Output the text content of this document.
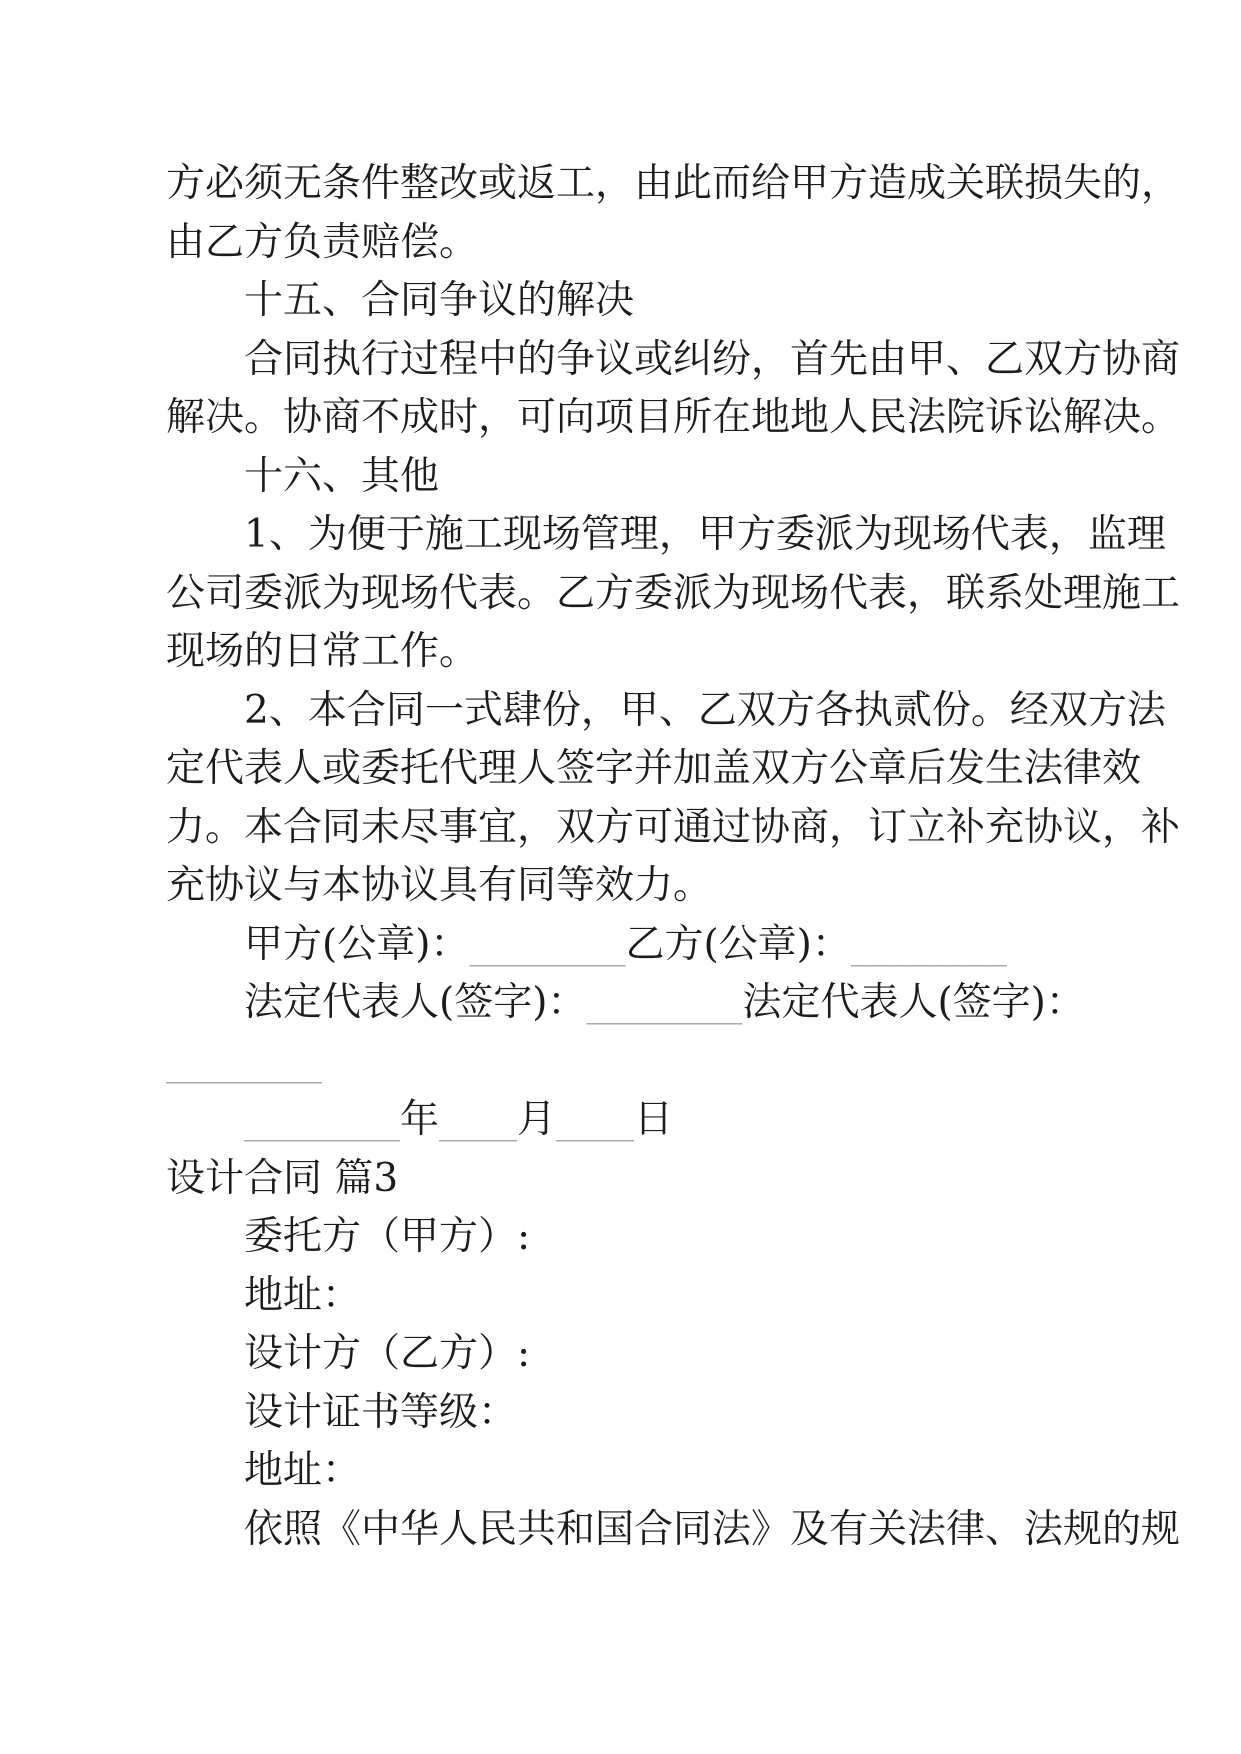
方必须无条件整改或返工，由此而给甲方造成关联损失的，
由乙方负责赔偿。
十五、合同争议的解决
合同执行过程中的争议或纠纷，首先由甲、乙双方协商
解决。协商不成时，可向项目所在地地人民法院诉讼解决。
十六、其他
1、为便于施工现场管理，甲方委派为现场代表，监理
公司委派为现场代表。乙方委派为现场代表，联系处理施工
现场的日常工作。
2、本合同一式肆份，甲、乙双方各执贰份。经双方法
定代表人或委托代理人签字并加盖双方公章后发生法律效
力。本合同未尽事宜，双方可通过协商，订立补充协议，补
充协议与本协议具有同等效力。
甲方(公章)：________乙方(公章)：________
法定代表人(签字)：________法定代表人(签字)：
________
________年____月____日
设计合同 篇3
委托方（甲方）:
地址：
设计方（乙方）:
设计证书等级：
地址：
依照《中华人民共和国合同法》及有关法律、法规的规
